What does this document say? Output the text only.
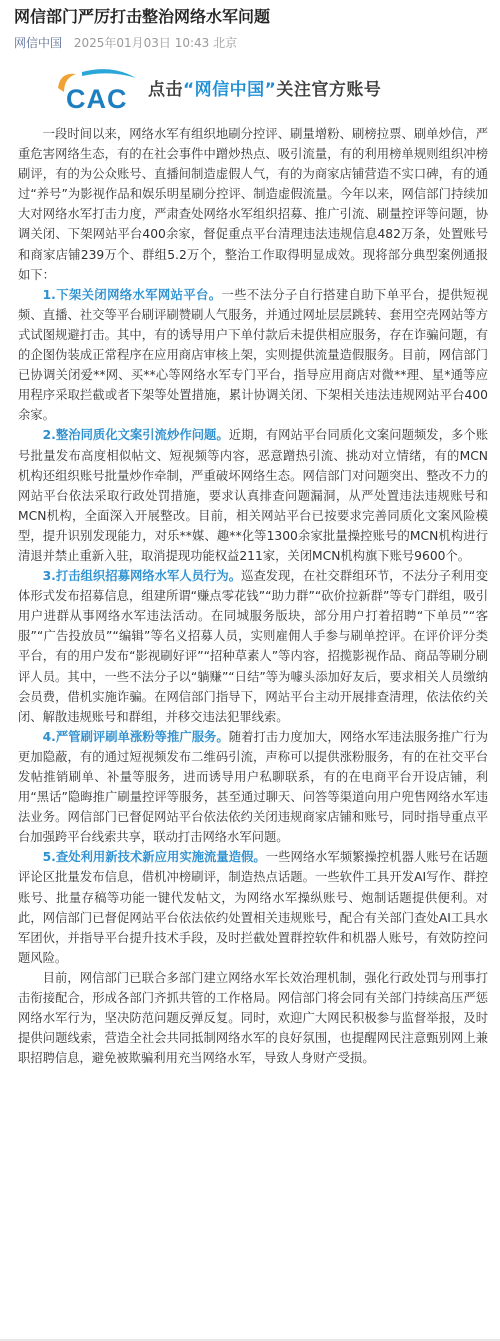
网信部门严厉打击整治网络水军问题
网信中国 2025年01月03日 10:43 北京
CAC 点击“网信中国”关注官方账号

一段时间以来，网络水军有组织地刷分控评、刷量增粉、刷榜拉票、刷单炒信，严重危害网络生态，有的在社会事件中蹭炒热点、吸引流量，有的利用榜单规则组织冲榜刷评，有的为公众账号、直播间制造虚假人气，有的为商家店铺营造不实口碑，有的通过“养号”为影视作品和娱乐明星刷分控评、制造虚假流量。今年以来，网信部门持续加大对网络水军打击力度，严肃查处网络水军组织招募、推广引流、刷量控评等问题，协调关闭、下架网站平台400余家，督促重点平台清理违法违规信息482万条，处置账号和商家店铺239万个、群组5.2万个，整治工作取得明显成效。现将部分典型案例通报如下：

1.下架关闭网络水军网站平台。一些不法分子自行搭建自助下单平台，提供短视频、直播、社交等平台刷评刷赞刷人气服务，并通过网址层层跳转、套用空壳网站等方式试图规避打击。其中，有的诱导用户下单付款后未提供相应服务，存在诈骗问题，有的企图伪装成正常程序在应用商店审核上架，实则提供流量造假服务。目前，网信部门已协调关闭爱**网、买**心等网络水军专门平台，指导应用商店对微**理、星*通等应用程序采取拦截或者下架等处置措施，累计协调关闭、下架相关违法违规网站平台400余家。

2.整治同质化文案引流炒作问题。近期，有网站平台同质化文案问题频发，多个账号批量发布高度相似帖文、短视频等内容，恶意蹭热引流、挑动对立情绪，有的MCN机构还组织账号批量炒作牵制，严重破坏网络生态。网信部门对问题突出、整改不力的网站平台依法采取行政处罚措施，要求认真排查问题漏洞，从严处置违法违规账号和MCN机构，全面深入开展整改。目前，相关网站平台已按要求完善同质化文案风险模型，提升识别发现能力，对乐**媒、趣**化等1300余家批量操控账号的MCN机构进行清退并禁止重新入驻，取消提现功能权益211家，关闭MCN机构旗下账号9600个。

3.打击组织招募网络水军人员行为。巡查发现，在社交群组环节，不法分子利用变体形式发布招募信息，组建所谓“赚点零花钱”“助力群”“砍价拉新群”等专门群组，吸引用户进群从事网络水军违法活动。在同城服务版块，部分用户打着招聘“下单员”“客服”“广告投放员”“编辑”等名义招募人员，实则雇佣人手参与刷单控评。在评价评分类平台，有的用户发布“影视刷好评”“招种草素人”等内容，招揽影视作品、商品等刷分刷评人员。其中，一些不法分子以“躺赚”“日结”等为噱头添加好友后，要求相关人员缴纳会员费，借机实施诈骗。在网信部门指导下，网站平台主动开展排查清理，依法依约关闭、解散违规账号和群组，并移交违法犯罪线索。

4.严管刷评刷单涨粉等推广服务。随着打击力度加大，网络水军违法服务推广行为更加隐蔽，有的通过短视频发布二维码引流，声称可以提供涨粉服务，有的在社交平台发帖推销刷单、补量等服务，进而诱导用户私聊联系，有的在电商平台开设店铺，利用“黑话”隐晦推广刷量控评等服务，甚至通过聊天、问答等渠道向用户兜售网络水军违法业务。网信部门已督促网站平台依法依约关闭违规商家店铺和账号，同时指导重点平台加强跨平台线索共享，联动打击网络水军问题。

5.查处利用新技术新应用实施流量造假。一些网络水军频繁操控机器人账号在话题评论区批量发布信息，借机冲榜刷评，制造热点话题。一些软件工具开发AI写作、群控账号、批量存稿等功能一键代发帖文，为网络水军操纵账号、炮制话题提供便利。对此，网信部门已督促网站平台依法依约处置相关违规账号，配合有关部门查处AI工具水军团伙，并指导平台提升技术手段，及时拦截处置群控软件和机器人账号，有效防控问题风险。

目前，网信部门已联合多部门建立网络水军长效治理机制，强化行政处罚与刑事打击衔接配合，形成各部门齐抓共管的工作格局。网信部门将会同有关部门持续高压严惩网络水军行为，坚决防范问题反弹反复。同时，欢迎广大网民积极参与监督举报，及时提供问题线索，营造全社会共同抵制网络水军的良好氛围，也提醒网民注意甄别网上兼职招聘信息，避免被欺骗利用充当网络水军，导致人身财产受损。
